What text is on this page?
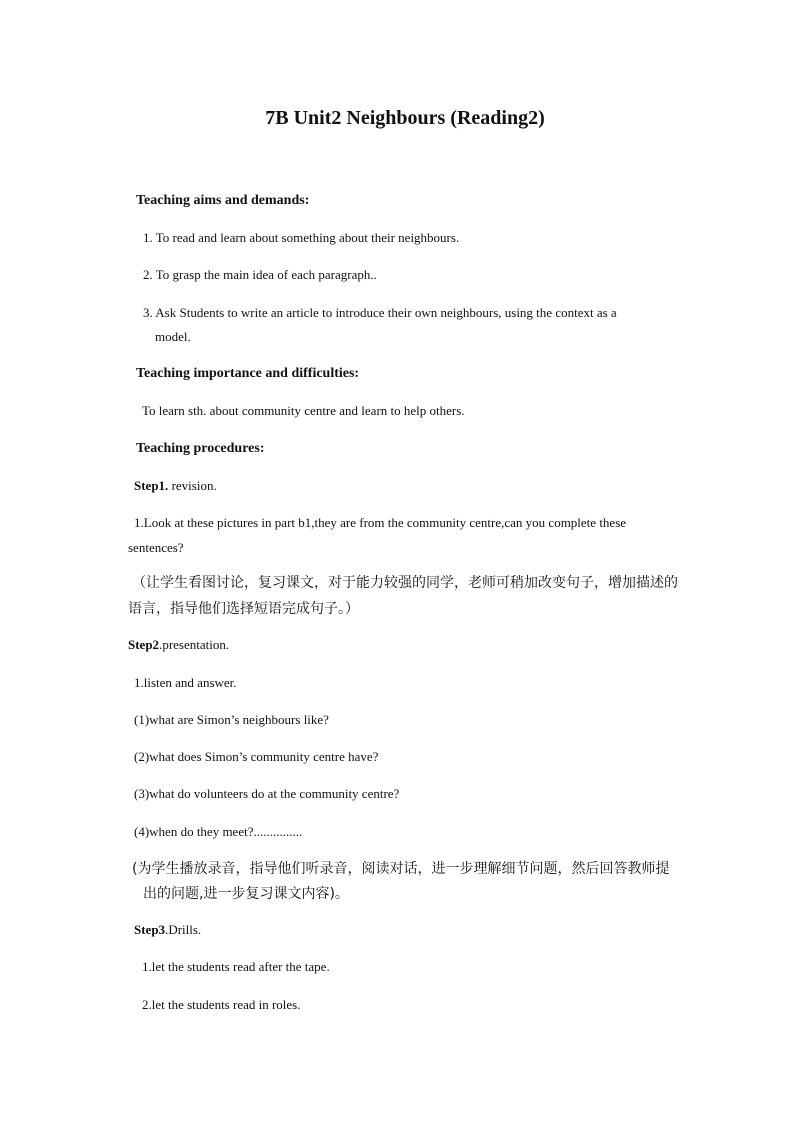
7B Unit2 Neighbours (Reading2)
Teaching aims and demands:
1. To read and learn about something about their neighbours.
2. To grasp the main idea of each paragraph..
3. Ask Students to write an article to introduce their own neighbours, using the context as a
model.
Teaching importance and difficulties:
To learn sth. about community centre and learn to help others.
Teaching procedures:
Step1. revision.
1.Look at these pictures in part b1,they are from the community centre,can you complete these
sentences?
（让学生看图讨论，复习课文，对于能力较强的同学，老师可稍加改变句子，增加描述的
语言，指导他们选择短语完成句子。）
Step2.presentation.
1.listen and answer.
(1)what are Simon’s neighbours like?
(2)what does Simon’s community centre have?
(3)what do volunteers do at the community centre?
(4)when do they meet?...............
(为学生播放录音，指导他们听录音，阅读对话，进一步理解细节问题，然后回答教师提
出的问题,进一步复习课文内容)。
Step3.Drills.
1.let the students read after the tape.
2.let the students read in roles.
